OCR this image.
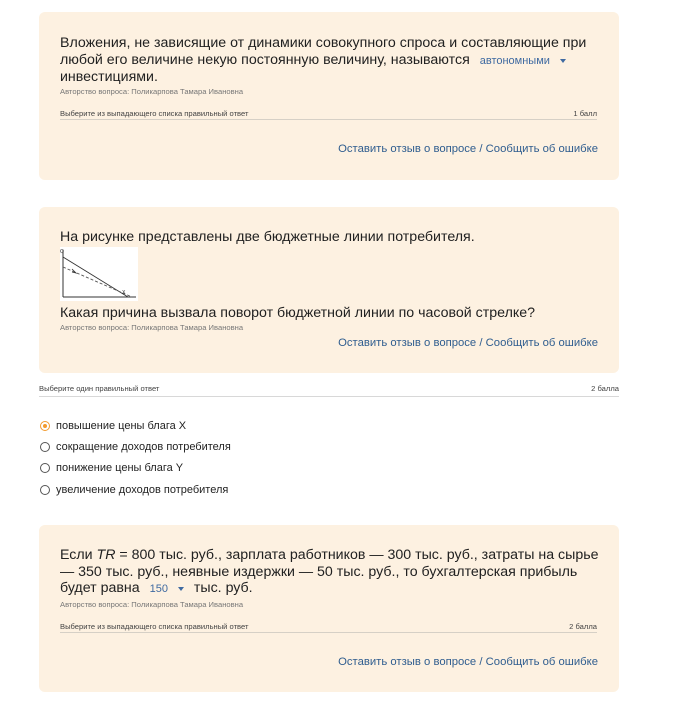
Вложения, не зависящие от динамики совокупного спроса и составляющие при любой его величине некую постоянную величину, называются автономными инвестициями.
Авторство вопроса: Поликарпова Тамара Ивановна
Выберите из выпадающего списка правильный ответ	1 балл
Оставить отзыв о вопросе / Сообщить об ошибке
На рисунке представлены две бюджетные линии потребителя.
Q
X
Какая причина вызвала поворот бюджетной линии по часовой стрелке?
Авторство вопроса: Поликарпова Тамара Ивановна
Оставить отзыв о вопросе / Сообщить об ошибке
Выберите один правильный ответ	2 балла
повышение цены блага X
сокращение доходов потребителя
понижение цены блага Y
увеличение доходов потребителя
Если TR = 800 тыс. руб., зарплата работников — 300 тыс. руб., затраты на сырье — 350 тыс. руб., неявные издержки — 50 тыс. руб., то бухгалтерская прибыль будет равна 150 тыс. руб.
Авторство вопроса: Поликарпова Тамара Ивановна
Выберите из выпадающего списка правильный ответ	2 балла
Оставить отзыв о вопросе / Сообщить об ошибке
